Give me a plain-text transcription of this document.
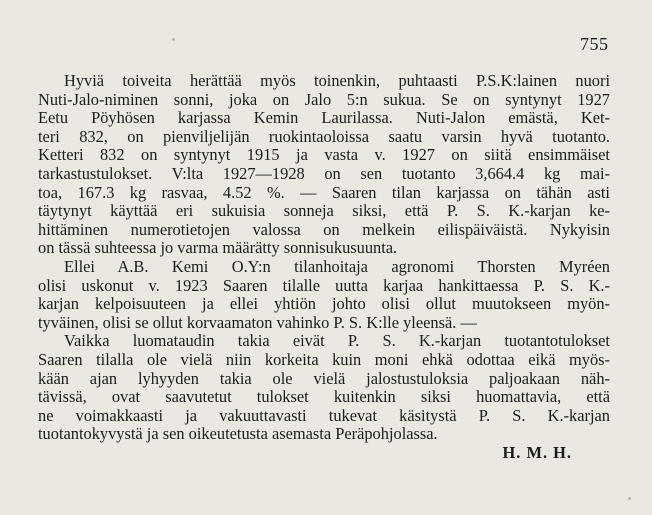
755
Hyviä toiveita herättää myös toinenkin, puhtaasti P.S.K:lainen nuori
Nuti-Jalo-niminen sonni, joka on Jalo 5:n sukua. Se on syntynyt 1927
Eetu Pöyhösen karjassa Kemin Laurilassa. Nuti-Jalon emästä, Ket-
teri 832, on pienviljelijän ruokintaoloissa saatu varsin hyvä tuotanto.
Ketteri 832 on syntynyt 1915 ja vasta v. 1927 on siitä ensimmäiset
tarkastustulokset. V:lta 1927—1928 on sen tuotanto 3,664.4 kg mai-
toa, 167.3 kg rasvaa, 4.52 %. — Saaren tilan karjassa on tähän asti
täytynyt käyttää eri sukuisia sonneja siksi, että P. S. K.-karjan ke-
hittäminen numerotietojen valossa on melkein eilispäiväistä. Nykyisin
on tässä suhteessa jo varma määrätty sonnisukusuunta.
Ellei A.B. Kemi O.Y:n tilanhoitaja agronomi Thorsten Myréen
olisi uskonut v. 1923 Saaren tilalle uutta karjaa hankittaessa P. S. K.-
karjan kelpoisuuteen ja ellei yhtiön johto olisi ollut muutokseen myön-
tyväinen, olisi se ollut korvaamaton vahinko P. S. K:lle yleensä. —
Vaikka luomataudin takia eivät P. S. K.-karjan tuotantotulokset
Saaren tilalla ole vielä niin korkeita kuin moni ehkä odottaa eikä myös-
kään ajan lyhyyden takia ole vielä jalostustuloksia paljoakaan näh-
tävissä, ovat saavutetut tulokset kuitenkin siksi huomattavia, että
ne voimakkaasti ja vakuuttavasti tukevat käsitystä P. S. K.-karjan
tuotantokyvystä ja sen oikeutetusta asemasta Peräpohjolassa.
H. M. H.
